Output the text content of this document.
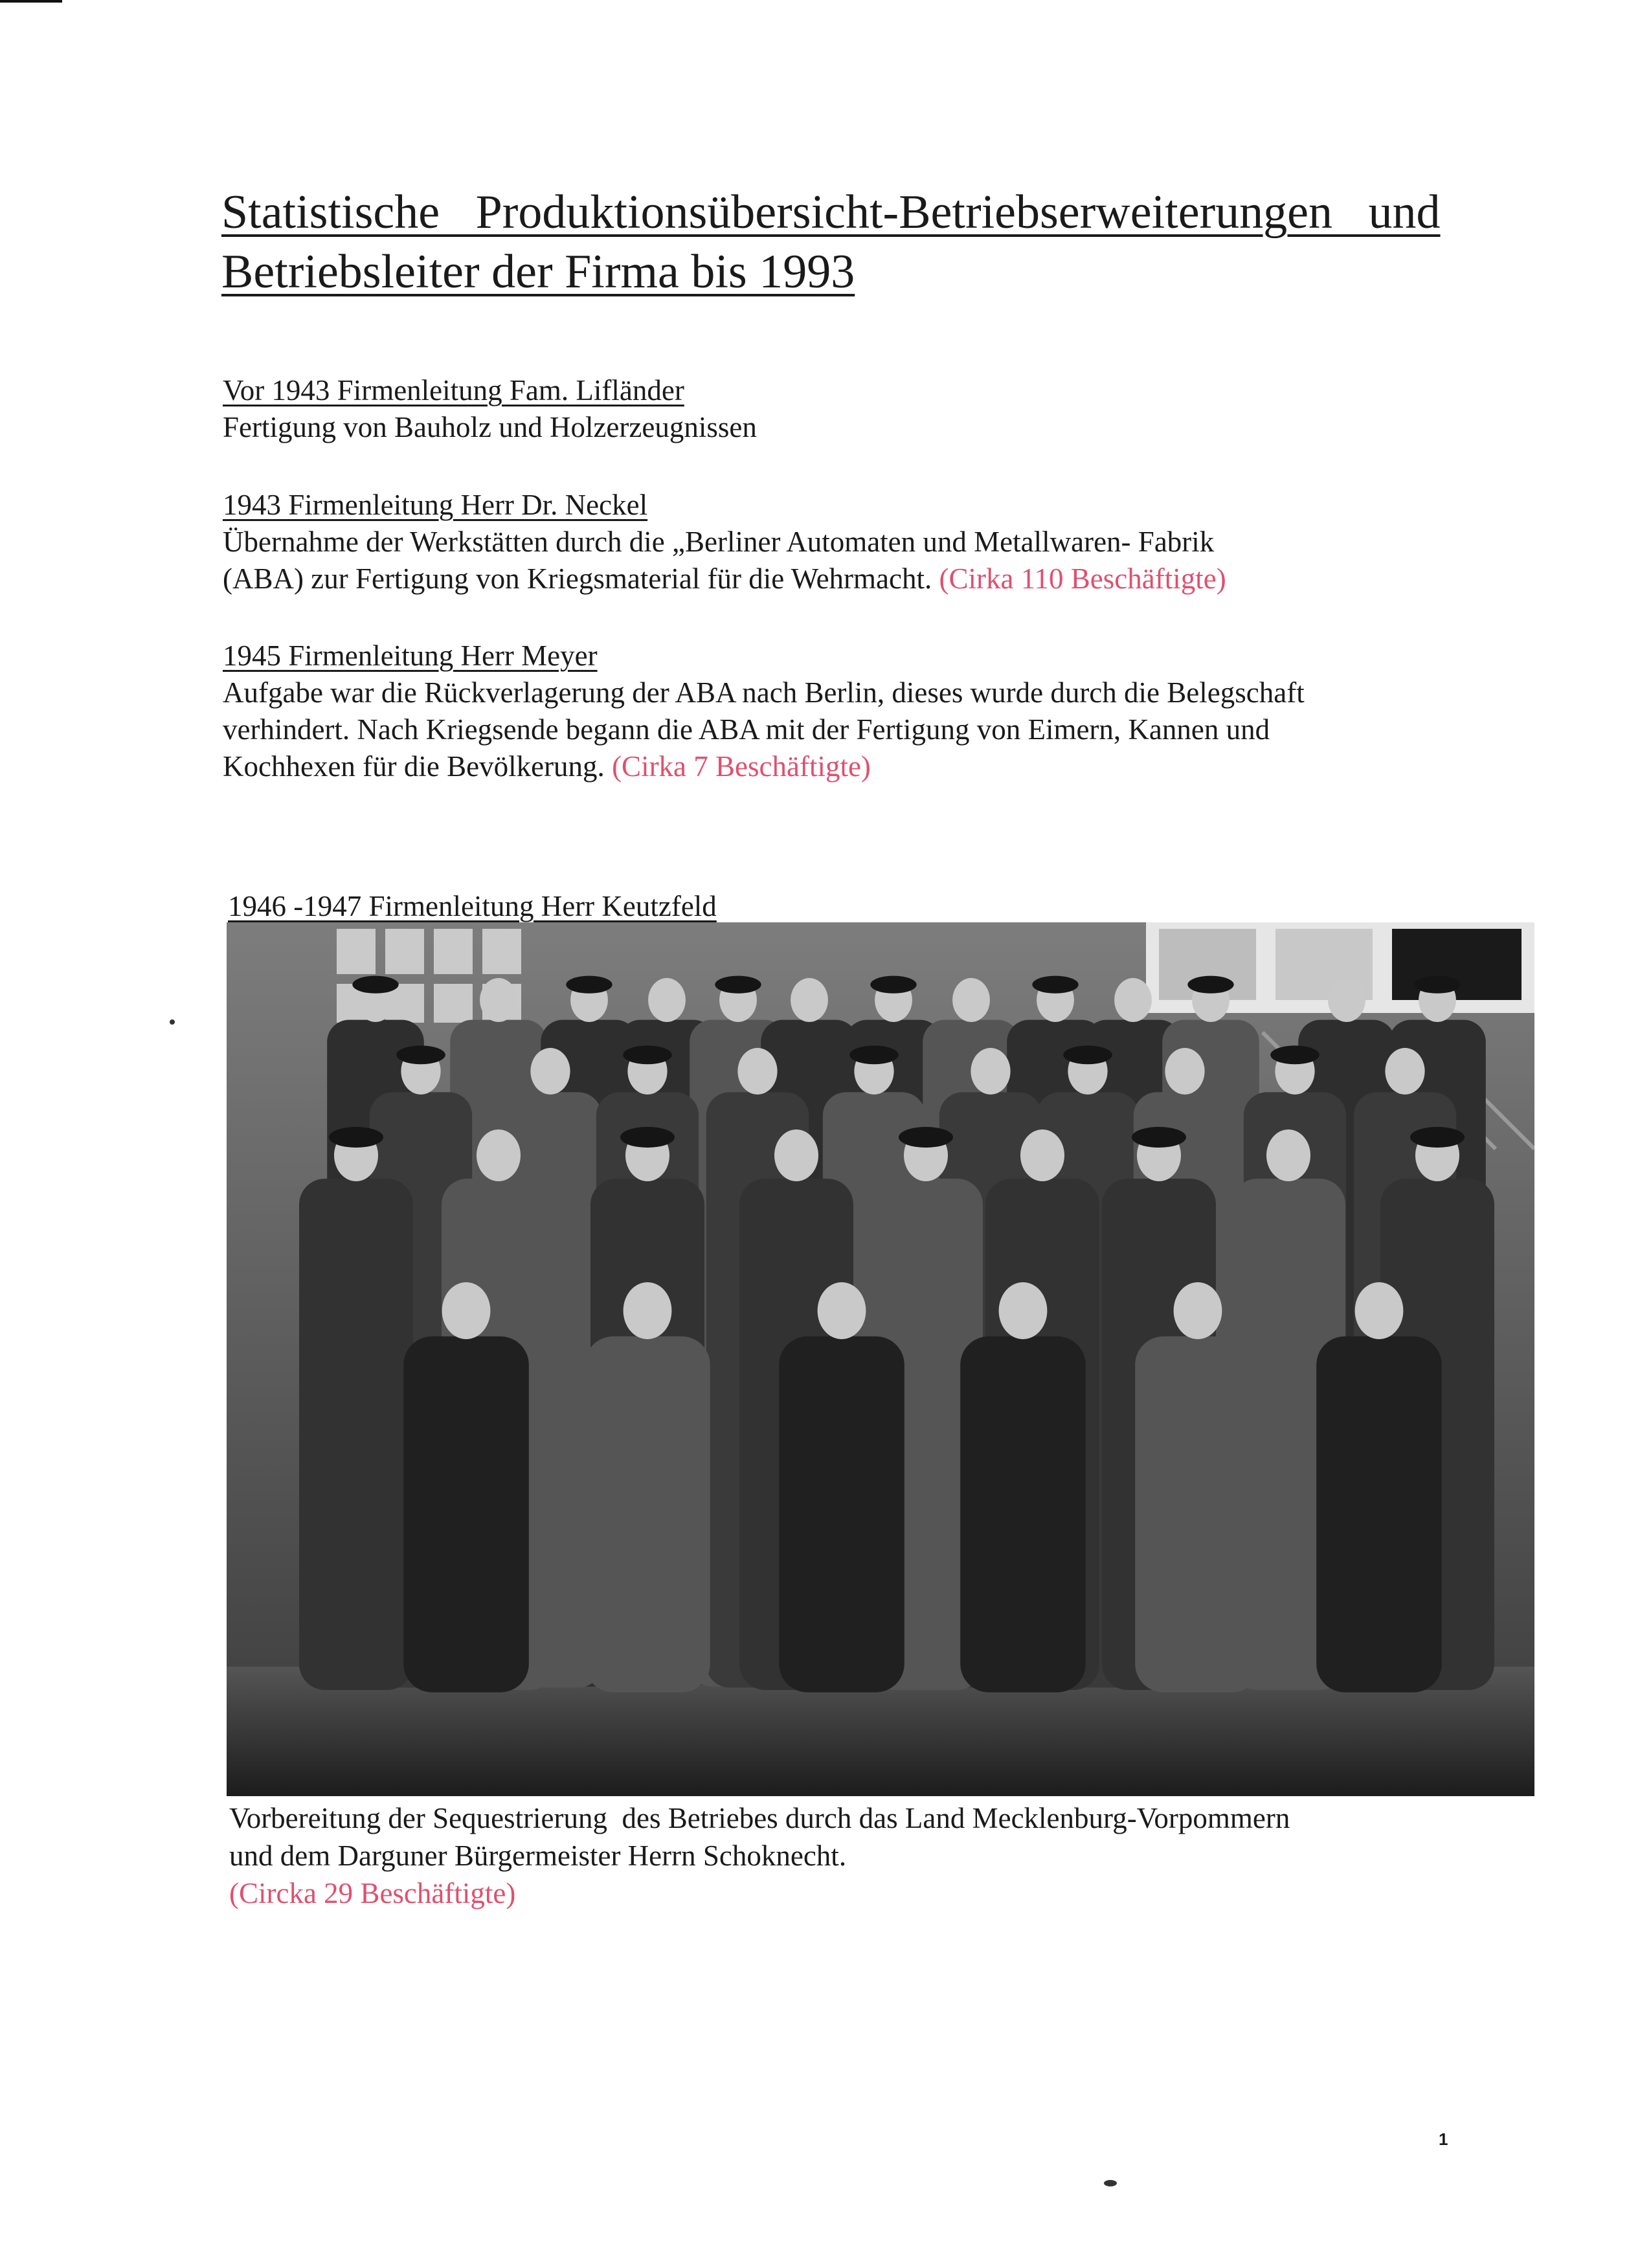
Statistische   Produktionsübersicht-Betriebserweiterungen   und
Betriebsleiter der Firma bis 1993

Vor 1943 Firmenleitung Fam. Lifländer

Fertigung von Bauholz und Holzerzeugnissen

1943 Firmenleitung Herr Dr. Neckel

Übernahme der Werkstätten durch die „Berliner Automaten und Metallwaren- Fabrik

(ABA) zur Fertigung von Kriegsmaterial für die Wehrmacht. (Cirka 110 Beschäftigte)

1945 Firmenleitung Herr Meyer

Aufgabe war die Rückverlagerung der ABA nach Berlin, dieses wurde durch die Belegschaft

verhindert. Nach Kriegsende begann die ABA mit der Fertigung von Eimern, Kannen und

Kochhexen für die Bevölkerung. (Cirka 7 Beschäftigte)

1946 -1947 Firmenleitung Herr Keutzfeld

Vorbereitung der Sequestrierung  des Betriebes durch das Land Mecklenburg-Vorpommern

und dem Darguner Bürgermeister Herrn Schoknecht.

(Circka 29 Beschäftigte)

1
